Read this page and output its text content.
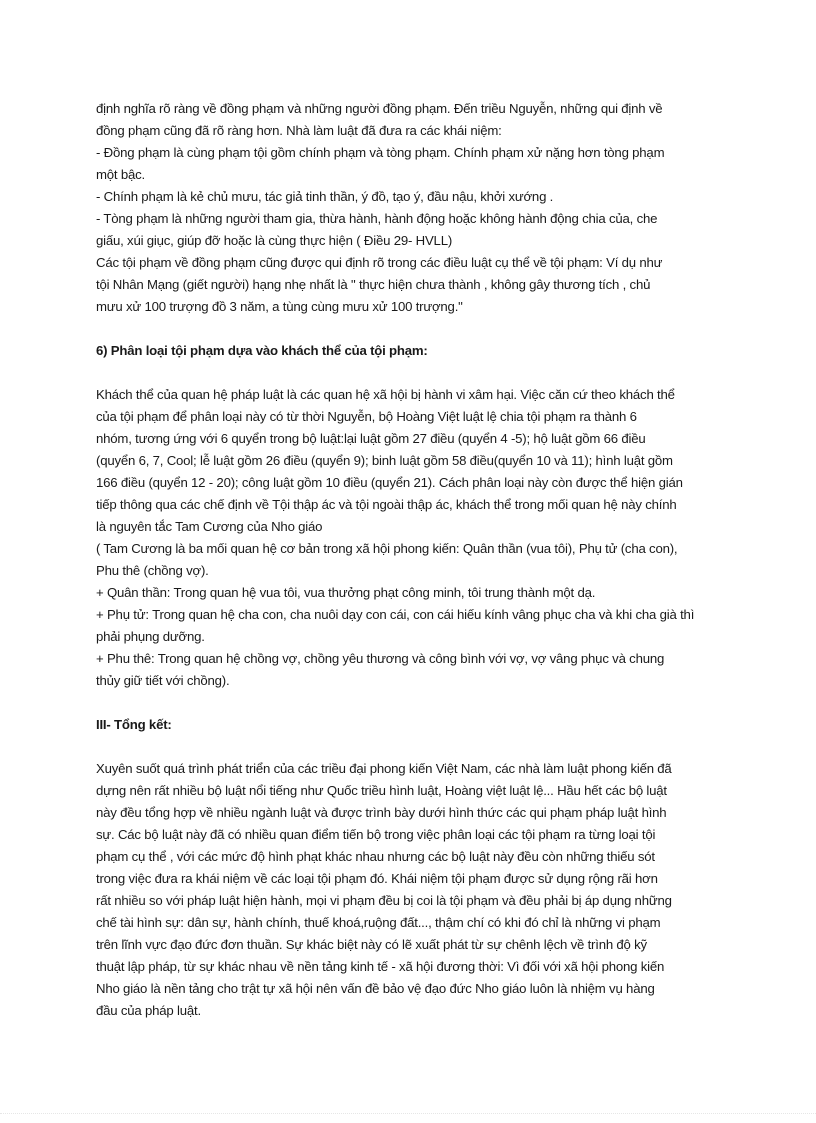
định nghĩa rõ ràng về đồng phạm và những người đồng phạm. Đến triều Nguyễn, những qui định về

đồng phạm cũng đã rõ ràng hơn. Nhà làm luật đã đưa ra các khái niệm:

- Đồng phạm là cùng phạm tội gồm chính phạm và tòng phạm. Chính phạm xử nặng hơn tòng phạm

một bậc.

- Chính phạm là kẻ chủ mưu, tác giả tinh thần, ý đồ, tạo ý, đầu nậu, khởi xướng .

- Tòng phạm là những người tham gia, thừa hành, hành động hoặc không hành động chia của, che

giấu, xúi giục, giúp đỡ hoặc là cùng thực hiện ( Điều 29- HVLL)

Các tội phạm về đồng phạm cũng được qui định rõ trong các điều luật cụ thể về tội phạm: Ví dụ như

tội Nhân Mạng (giết người) hạng nhẹ nhất là " thực hiện chưa thành , không gây thương tích , chủ

mưu xử 100 trượng đồ 3 năm, a tùng cùng mưu xử 100 trượng."

6) Phân loại tội phạm dựa vào khách thể của tội phạm:

Khách thể của quan hệ pháp luật là các quan hệ xã hội bị hành vi xâm hại. Việc căn cứ theo khách thể

của tội phạm để phân loại này có từ thời Nguyễn, bộ Hoàng Việt luật lệ chia tội phạm ra thành 6

nhóm, tương ứng với 6 quyển trong bộ luật:lại luật gồm 27 điều (quyển 4 -5); hộ luật gồm 66 điều

(quyển 6, 7, Cool; lễ luật gồm 26 điều (quyển 9); binh luật gồm 58 điều(quyển 10 và 11); hình luật gồm

166 điều (quyển 12 - 20); công luật gồm 10 điều (quyển 21). Cách phân loại này còn được thể hiện gián

tiếp thông qua các chế định về Tội thập ác và tội ngoài thập ác, khách thể trong mối quan hệ này chính

là nguyên tắc Tam Cương của Nho giáo

( Tam Cương là ba mối quan hệ cơ bản trong xã hội phong kiến: Quân thần (vua tôi), Phụ tử (cha con),

Phu thê (chồng vợ).

+ Quân thần: Trong quan hệ vua tôi, vua thưởng phạt công minh, tôi trung thành một dạ.

+ Phụ tử: Trong quan hệ cha con, cha nuôi dạy con cái, con cái hiếu kính vâng phục cha và khi cha già thì

phải phụng dưỡng.

+ Phu thê: Trong quan hệ chồng vợ, chồng yêu thương và công bình với vợ, vợ vâng phục và chung

thủy giữ tiết với chồng).

III- Tổng kết:

Xuyên suốt quá trình phát triển của các triều đại phong kiến Việt Nam, các nhà làm luật phong kiến đã

dựng nên rất nhiều bộ luật nổi tiếng như Quốc triều hình luật, Hoàng việt luật lệ... Hầu hết các bộ luật

này đều tổng hợp về nhiều ngành luật và được trình bày dưới hình thức các qui phạm pháp luật hình

sự. Các bộ luật này đã có nhiều quan điểm tiến bộ trong việc phân loại các tội phạm ra từng loại tội

phạm cụ thể , với các mức độ hình phạt khác nhau nhưng các bộ luật này đều còn những thiếu sót

trong việc đưa ra khái niệm về các loại tội phạm đó. Khái niệm tội phạm được sử dụng rộng rãi hơn

rất nhiều so với pháp luật hiện hành, mọi vi phạm đều bị coi là tội phạm và đều phải bị áp dụng những

chế tài hình sự: dân sự, hành chính, thuế khoá,ruộng đất..., thậm chí có khi đó chỉ là những vi phạm

trên lĩnh vực đạo đức đơn thuần. Sự khác biệt này có lẽ xuất phát từ sự chênh lệch về trình độ kỹ

thuật lập pháp, từ sự khác nhau về nền tảng kinh tế - xã hội đương thời: Vì đối với xã hội phong kiến

Nho giáo là nền tảng cho trật tự xã hội nên vấn đề bảo vệ đạo đức Nho giáo luôn là nhiệm vụ hàng

đầu của pháp luật.
